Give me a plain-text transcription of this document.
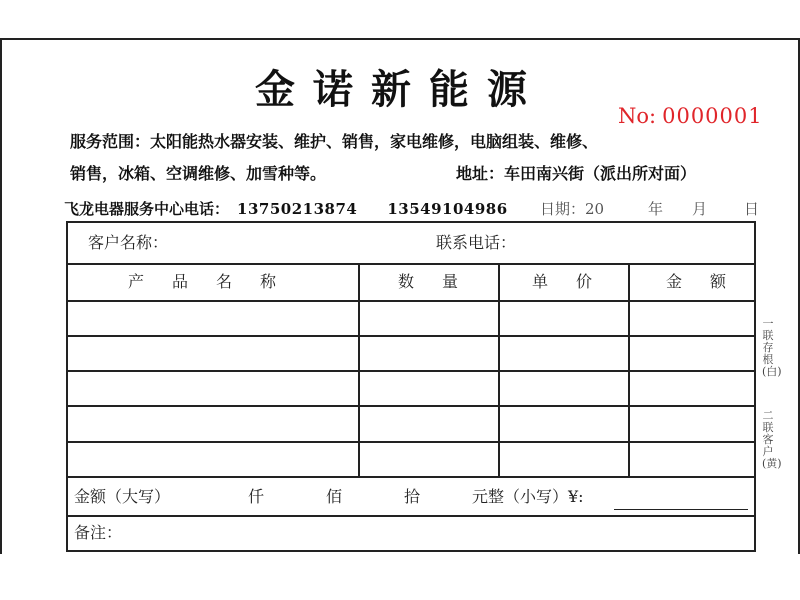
金诺新能源
No: 0000001
服务范围：太阳能热水器安装、维护、销售，家电维修，电脑组装、维修、
销售，冰箱、空调维修、加雪种等。	地址：车田南兴街（派出所对面）
飞龙电器服务中心电话： 13750213874 13549104986 日期：20	年 月 日
客户名称：	联系电话：
产品名称	数量	单价	金额
金额（大写）	仟	佰	拾	元整（小写）¥:
备注：
一联存根(白)
二联客户(黄)
